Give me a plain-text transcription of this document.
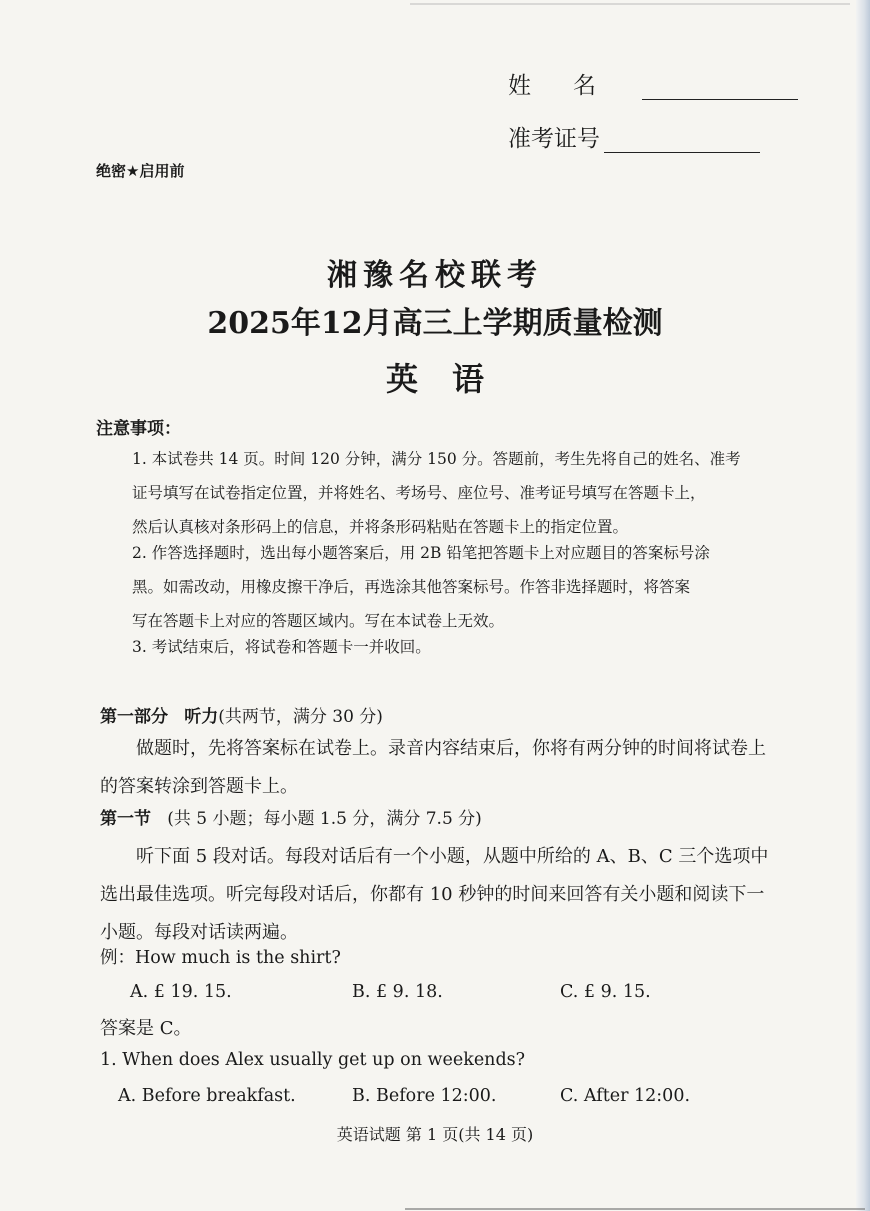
姓名
准考证号
绝密★启用前
湘豫名校联考
2025年12月高三上学期质量检测
英语
注意事项：
1. 本试卷共 14 页。时间 120 分钟，满分 150 分。答题前，考生先将自己的姓名、准考
证号填写在试卷指定位置，并将姓名、考场号、座位号、准考证号填写在答题卡上，
然后认真核对条形码上的信息，并将条形码粘贴在答题卡上的指定位置。
2. 作答选择题时，选出每小题答案后，用 2B 铅笔把答题卡上对应题目的答案标号涂
黑。如需改动，用橡皮擦干净后，再选涂其他答案标号。作答非选择题时，将答案
写在答题卡上对应的答题区域内。写在本试卷上无效。
3. 考试结束后，将试卷和答题卡一并收回。
第一部分 听力(共两节，满分 30 分)
做题时，先将答案标在试卷上。录音内容结束后，你将有两分钟的时间将试卷上的答案转涂到答题卡上。
第一节 (共 5 小题；每小题 1.5 分，满分 7.5 分)
听下面 5 段对话。每段对话后有一个小题，从题中所给的 A、B、C 三个选项中选出最佳选项。听完每段对话后，你都有 10 秒钟的时间来回答有关小题和阅读下一小题。每段对话读两遍。
例：How much is the shirt?
A. £ 19. 15.	B. £ 9. 18.	C. £ 9. 15.
答案是 C。
1. When does Alex usually get up on weekends?
A. Before breakfast.	B. Before 12:00.	C. After 12:00.
英语试题 第 1 页(共 14 页)
